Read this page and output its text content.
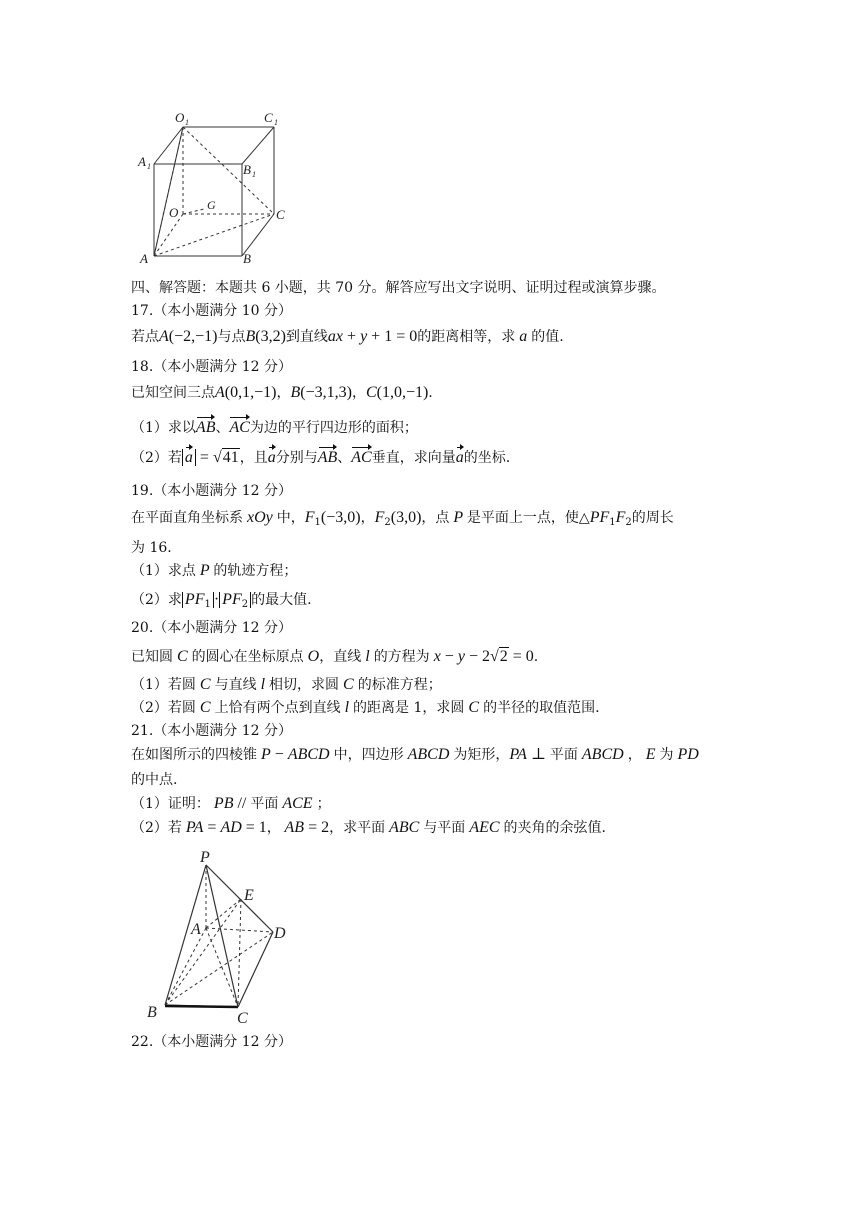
O 1	C 1
A 1	B 1
O G
C
A	B
四、解答题：本题共 6 小题，共 70 分。解答应写出文字说明、证明过程或演算步骤。
17.（本小题满分 10 分）
若点A(−2,−1)与点B(3,2)到直线ax + y + 1 = 0的距离相等，求 a 的值.
18.（本小题满分 12 分）
已知空间三点A(0,1,−1)，B(−3,1,3)，C(1,0,−1).
（1）求以AB、AC为边的平行四边形的面积；
（2）若 a = √41，且a分别与AB、AC垂直，求向量a的坐标.
19.（本小题满分 12 分）
在平面直角坐标系 xOy 中，$F_1(-3,0)$，$F_2(3,0)$，点 P 是平面上一点，使$\triangle PF_1F_2$的周长
为 16.
（1）求点 P 的轨迹方程；
（2）求 $PF_1 \cdot PF_2$ 的最大值.
20.（本小题满分 12 分）
已知圆 C 的圆心在坐标原点 O，直线 l 的方程为 x − y − 2√2 = 0.
（1）若圆 C 与直线 l 相切，求圆 C 的标准方程；
（2）若圆 C 上恰有两个点到直线 l 的距离是 1，求圆 C 的半径的取值范围.
21.（本小题满分 12 分）
在如图所示的四棱锥 P − ABCD 中，四边形 ABCD 为矩形，PA ⊥ 平面 ABCD ， E 为 PD
的中点.
（1）证明： PB // 平面 ACE ；
（2）若 PA = AD = 1， AB = 2，求平面 ABC 与平面 AEC 的夹角的余弦值.
P
E
A	D
B	C
22.（本小题满分 12 分）
